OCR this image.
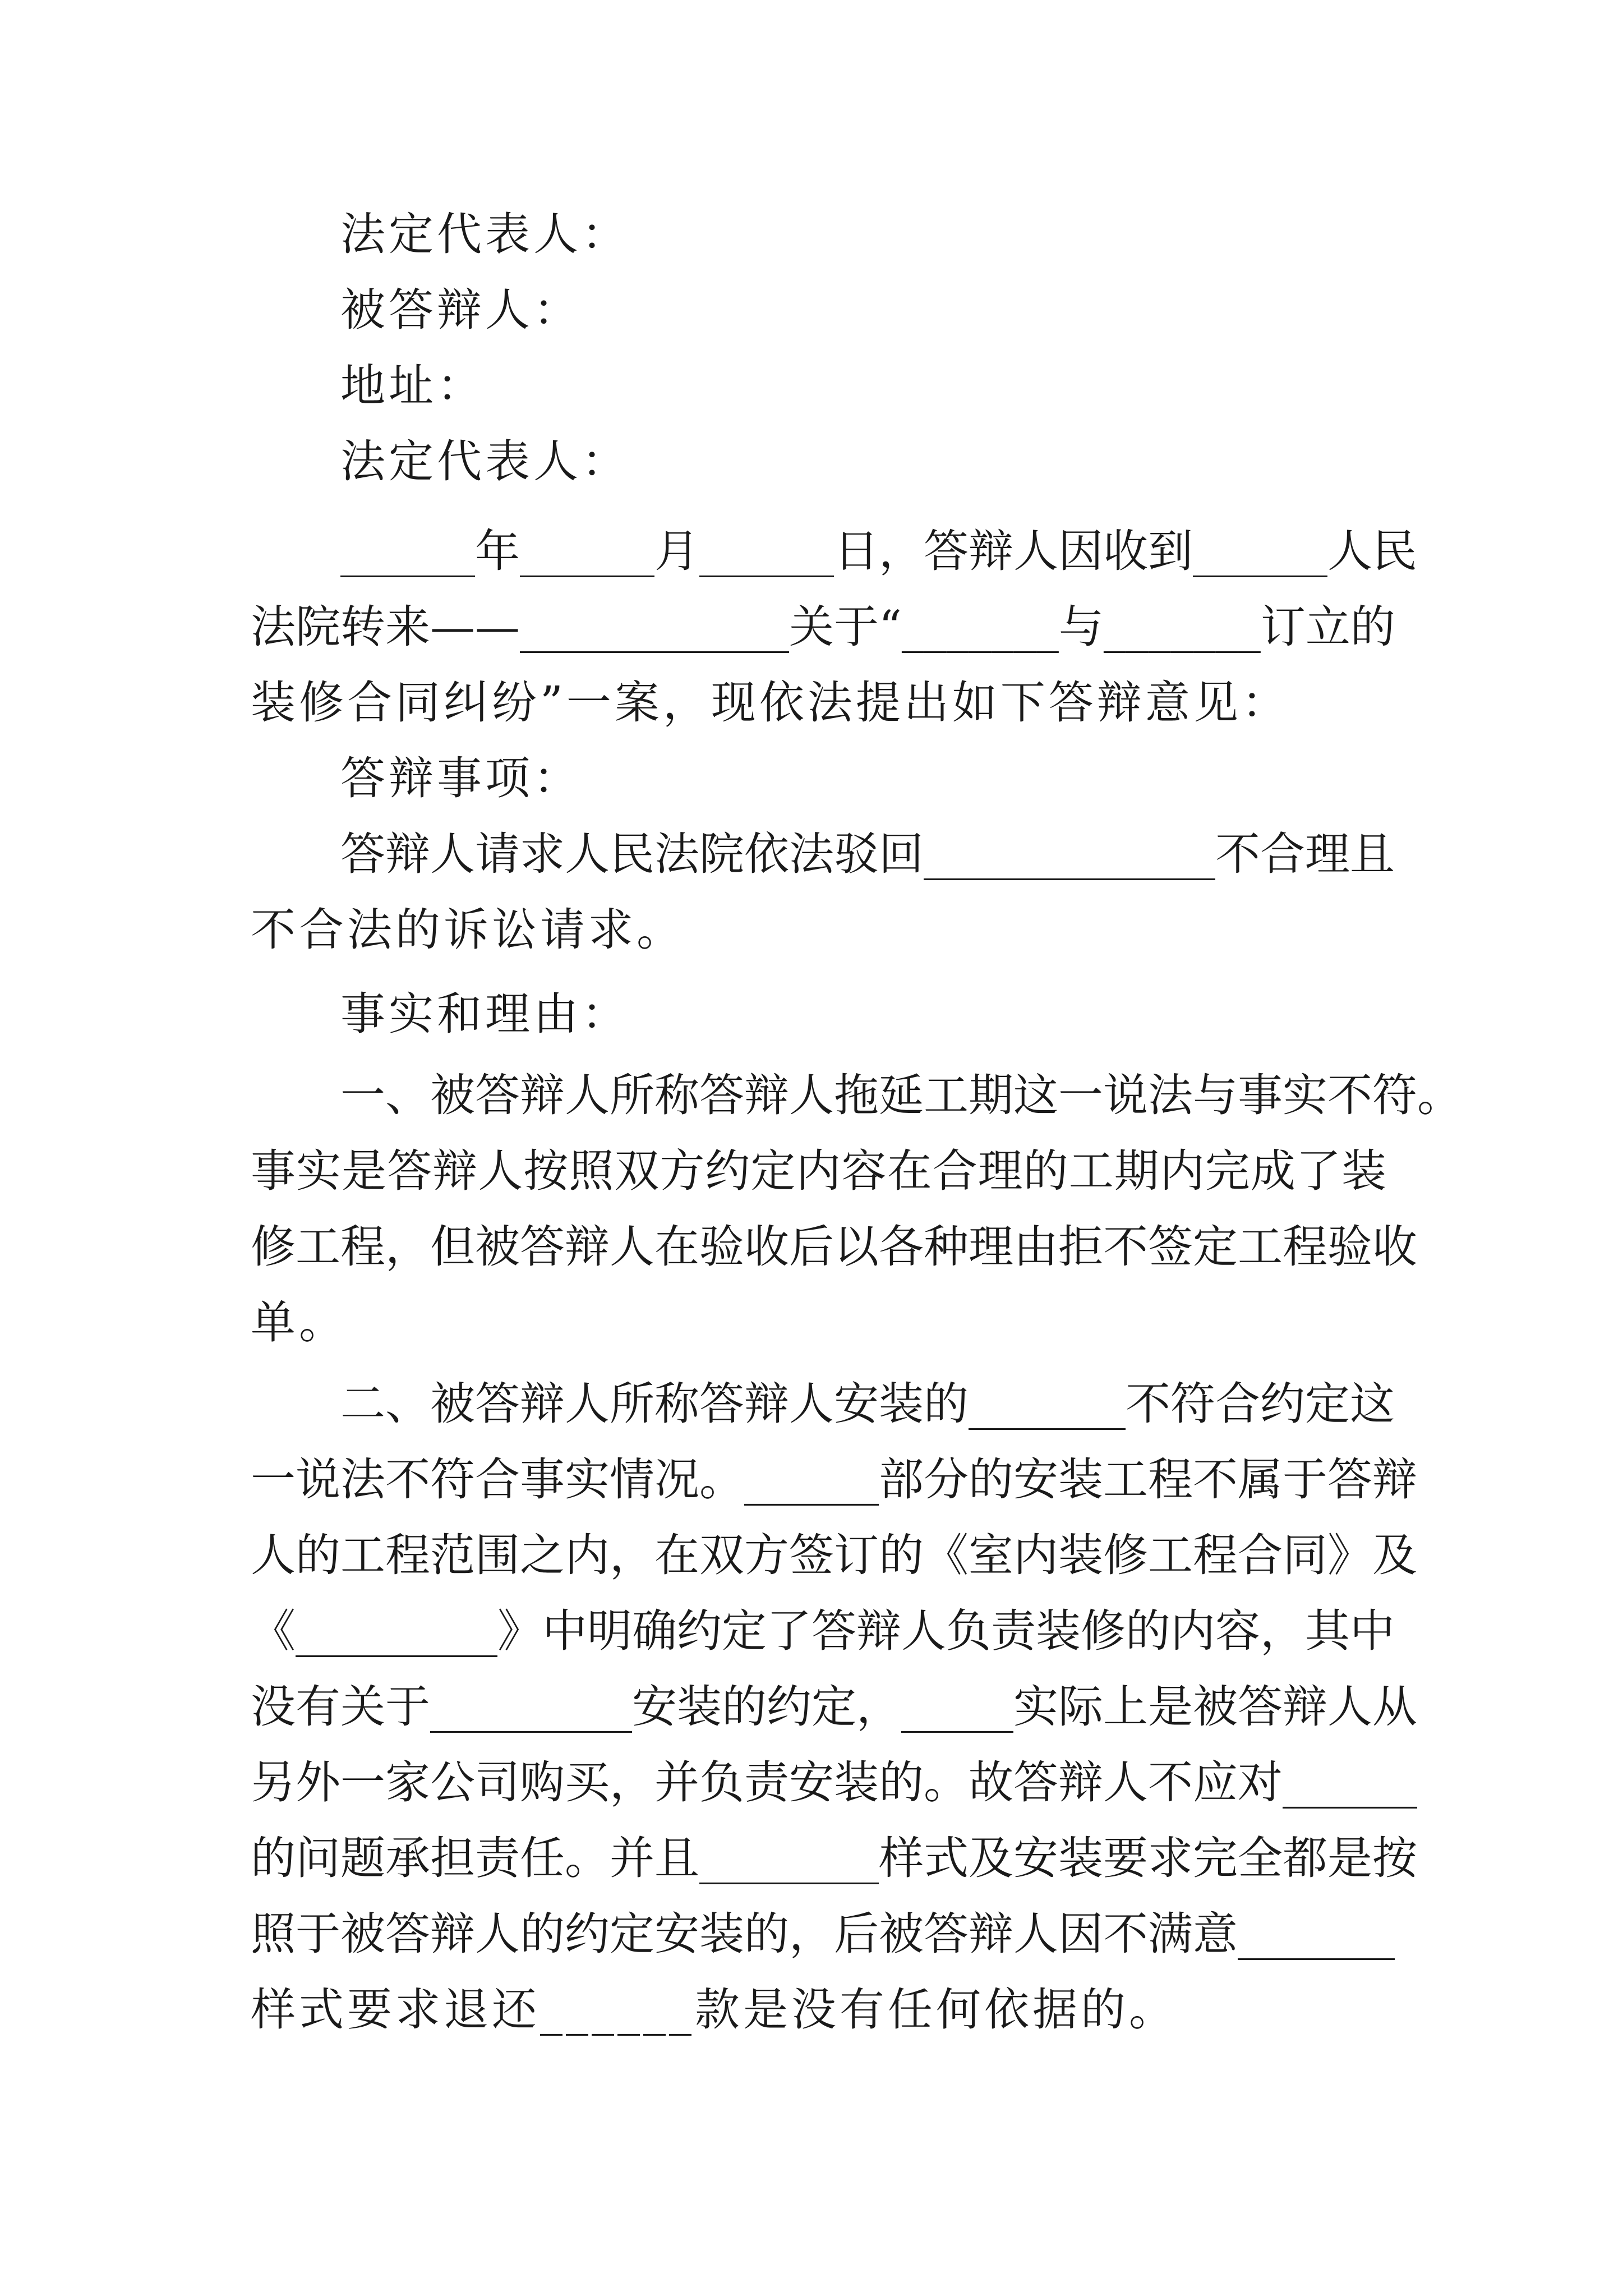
法定代表人：
被答辩人：
地址：
法定代表人：
______年______月______日，答辩人因收到______人民
法院转来——____________关于“_______与_______订立的
装修合同纠纷”一案，现依法提出如下答辩意见：
答辩事项：
答辩人请求人民法院依法驳回_____________不合理且
不合法的诉讼请求。
事实和理由：
一、被答辩人所称答辩人拖延工期这一说法与事实不符。
事实是答辩人按照双方约定内容在合理的工期内完成了装
修工程，但被答辩人在验收后以各种理由拒不签定工程验收
单。
二、被答辩人所称答辩人安装的_______不符合约定这
一说法不符合事实情况。______部分的安装工程不属于答辩
人的工程范围之内，在双方签订的《室内装修工程合同》及
《_________》中明确约定了答辩人负责装修的内容，其中
没有关于_________安装的约定，_____实际上是被答辩人从
另外一家公司购买，并负责安装的。故答辩人不应对______
的问题承担责任。并且________样式及安装要求完全都是按
照于被答辩人的约定安装的，后被答辩人因不满意_______
样式要求退还______款是没有任何依据的。
